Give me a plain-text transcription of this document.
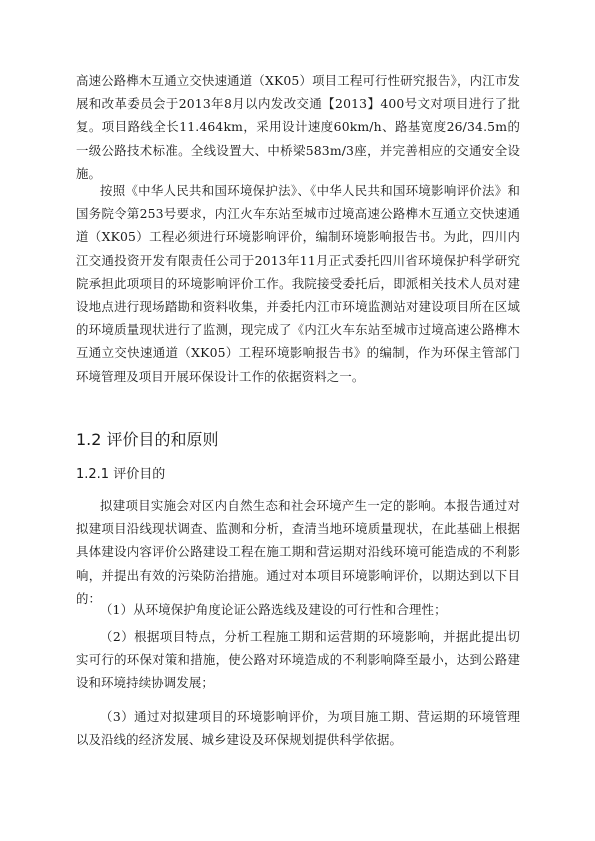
高速公路榫木互通立交快速通道（XK05）项目工程可行性研究报告》，内江市发展和改革委员会于2013年8月以内发改交通【2013】400号文对项目进行了批复。项目路线全长11.464km，采用设计速度60km/h、路基宽度26/34.5m的一级公路技术标准。全线设置大、中桥梁583m/3座，并完善相应的交通安全设施。

按照《中华人民共和国环境保护法》、《中华人民共和国环境影响评价法》和国务院令第253号要求，内江火车东站至城市过境高速公路榫木互通立交快速通道（XK05）工程必须进行环境影响评价，编制环境影响报告书。为此，四川内江交通投资开发有限责任公司于2013年11月正式委托四川省环境保护科学研究院承担此项项目的环境影响评价工作。我院接受委托后，即派相关技术人员对建设地点进行现场踏勘和资料收集，并委托内江市环境监测站对建设项目所在区域的环境质量现状进行了监测，现完成了《内江火车东站至城市过境高速公路榫木互通立交快速通道（XK05）工程环境影响报告书》的编制，作为环保主管部门环境管理及项目开展环保设计工作的依据资料之一。

1.2 评价目的和原则
1.2.1 评价目的

拟建项目实施会对区内自然生态和社会环境产生一定的影响。本报告通过对拟建项目沿线现状调查、监测和分析，查清当地环境质量现状，在此基础上根据具体建设内容评价公路建设工程在施工期和营运期对沿线环境可能造成的不利影响，并提出有效的污染防治措施。通过对本项目环境影响评价，以期达到以下目的：

（1）从环境保护角度论证公路选线及建设的可行性和合理性；

（2）根据项目特点，分析工程施工期和运营期的环境影响，并据此提出切实可行的环保对策和措施，使公路对环境造成的不利影响降至最小，达到公路建设和环境持续协调发展；

（3）通过对拟建项目的环境影响评价，为项目施工期、营运期的环境管理以及沿线的经济发展、城乡建设及环保规划提供科学依据。
